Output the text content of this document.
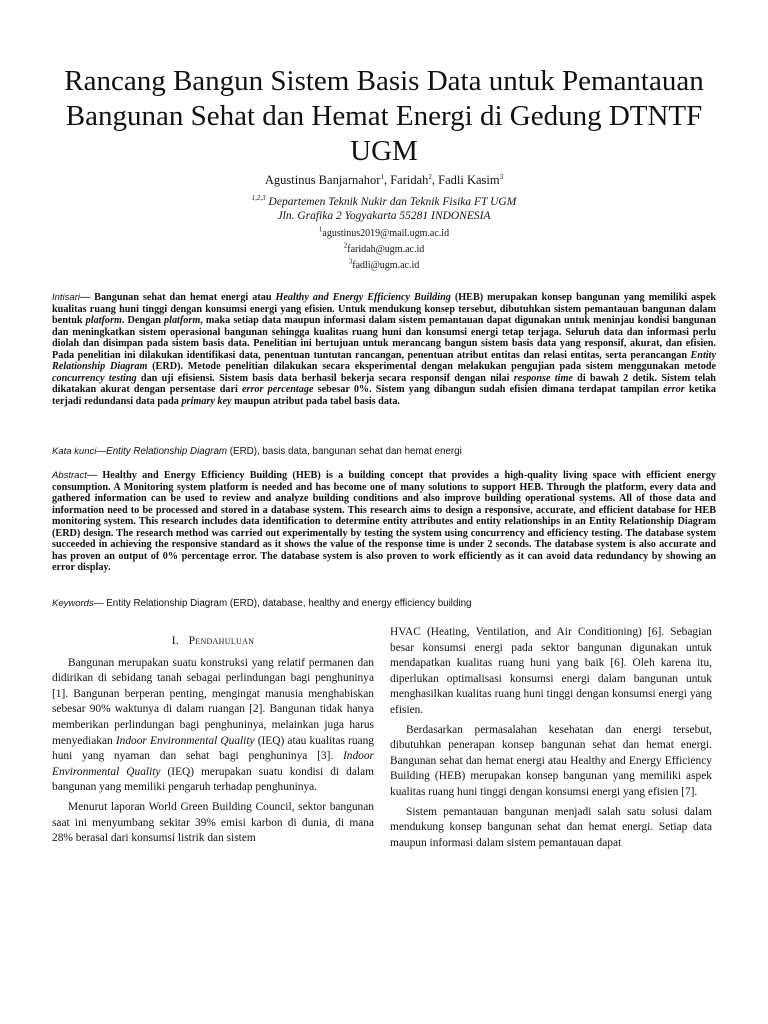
Rancang Bangun Sistem Basis Data untuk Pemantauan Bangunan Sehat dan Hemat Energi di Gedung DTNTF UGM
Agustinus Banjarnahor$^1$, Faridah$^2$, Fadli Kasim$^3$
$^{1,2,3}$ Departemen Teknik Nukir dan Teknik Fisika FT UGM
Jln. Grafika 2 Yogyakarta 55281 INDONESIA
$^1$agustinus2019@mail.ugm.ac.id
$^2$faridah@ugm.ac.id
$^3$fadli@ugm.ac.id
Intisari— Bangunan sehat dan hemat energi atau Healthy and Energy Efficiency Building (HEB) merupakan konsep bangunan yang memiliki aspek kualitas ruang huni tinggi dengan konsumsi energi yang efisien. Untuk mendukung konsep tersebut, dibutuhkan sistem pemantauan bangunan dalam bentuk platform. Dengan platform, maka setiap data maupun informasi dalam sistem pemantauan dapat digunakan untuk meninjau kondisi bangunan dan meningkatkan sistem operasional bangunan sehingga kualitas ruang huni dan konsumsi energi tetap terjaga. Seluruh data dan informasi perlu diolah dan disimpan pada sistem basis data. Penelitian ini bertujuan untuk merancang bangun sistem basis data yang responsif, akurat, dan efisien. Pada penelitian ini dilakukan identifikasi data, penentuan tuntutan rancangan, penentuan atribut entitas dan relasi entitas, serta perancangan Entity Relationship Diagram (ERD). Metode penelitian dilakukan secara eksperimental dengan melakukan pengujian pada sistem menggunakan metode concurrency testing dan uji efisiensi. Sistem basis data berhasil bekerja secara responsif dengan nilai response time di bawah 2 detik. Sistem telah dikatakan akurat dengan persentase dari error percentage sebesar 0%. Sistem yang dibangun sudah efisien dimana terdapat tampilan error ketika terjadi redundansi data pada primary key maupun atribut pada tabel basis data.
Kata kunci—Entity Relationship Diagram (ERD), basis data, bangunan sehat dan hemat energi
Abstract— Healthy and Energy Efficiency Building (HEB) is a building concept that provides a high-quality living space with efficient energy consumption. A Monitoring system platform is needed and has become one of many solutions to support HEB. Through the platform, every data and gathered information can be used to review and analyze building conditions and also improve building operational systems. All of those data and information need to be processed and stored in a database system. This research aims to design a responsive, accurate, and efficient database for HEB monitoring system. This research includes data identification to determine entity attributes and entity relationships in an Entity Relationship Diagram (ERD) design. The research method was carried out experimentally by testing the system using concurrency and efficiency testing. The database system succeeded in achieving the responsive standard as it shows the value of the response time is under 2 seconds. The database system is also accurate and has proven an output of 0% percentage error. The database system is also proven to work efficiently as it can avoid data redundancy by showing an error display.
Keywords— Entity Relationship Diagram (ERD), database, healthy and energy efficiency building
I. Pendahuluan

Bangunan merupakan suatu konstruksi yang relatif permanen dan didirikan di sebidang tanah sebagai perlindungan bagi penghuninya [1]. Bangunan berperan penting, mengingat manusia menghabiskan sebesar 90% waktunya di dalam ruangan [2]. Bangunan tidak hanya memberikan perlindungan bagi penghuninya, melainkan juga harus menyediakan Indoor Environmental Quality (IEQ) atau kualitas ruang huni yang nyaman dan sehat bagi penghuninya [3]. Indoor Environmental Quality (IEQ) merupakan suatu kondisi di dalam bangunan yang memiliki pengaruh terhadap penghuninya.

Menurut laporan World Green Building Council, sektor bangunan saat ini menyumbang sekitar 39% emisi karbon di dunia, di mana 28% berasal dari konsumsi listrik dan sistem

HVAC (Heating, Ventilation, and Air Conditioning) [6]. Sebagian besar konsumsi energi pada sektor bangunan digunakan untuk mendapatkan kualitas ruang huni yang baik [6]. Oleh karena itu, diperlukan optimalisasi konsumsi energi dalam bangunan untuk menghasilkan kualitas ruang huni tinggi dengan konsumsi energi yang efisien.

Berdasarkan permasalahan kesehatan dan energi tersebut, dibutuhkan penerapan konsep bangunan sehat dan hemat energi. Bangunan sehat dan hemat energi atau Healthy and Energy Efficiency Building (HEB) merupakan konsep bangunan yang memiliki aspek kualitas ruang huni tinggi dengan konsumsi energi yang efisien [7].

Sistem pemantauan bangunan menjadi salah satu solusi dalam mendukung konsep bangunan sehat dan hemat energi. Setiap data maupun informasi dalam sistem pemantauan dapat
